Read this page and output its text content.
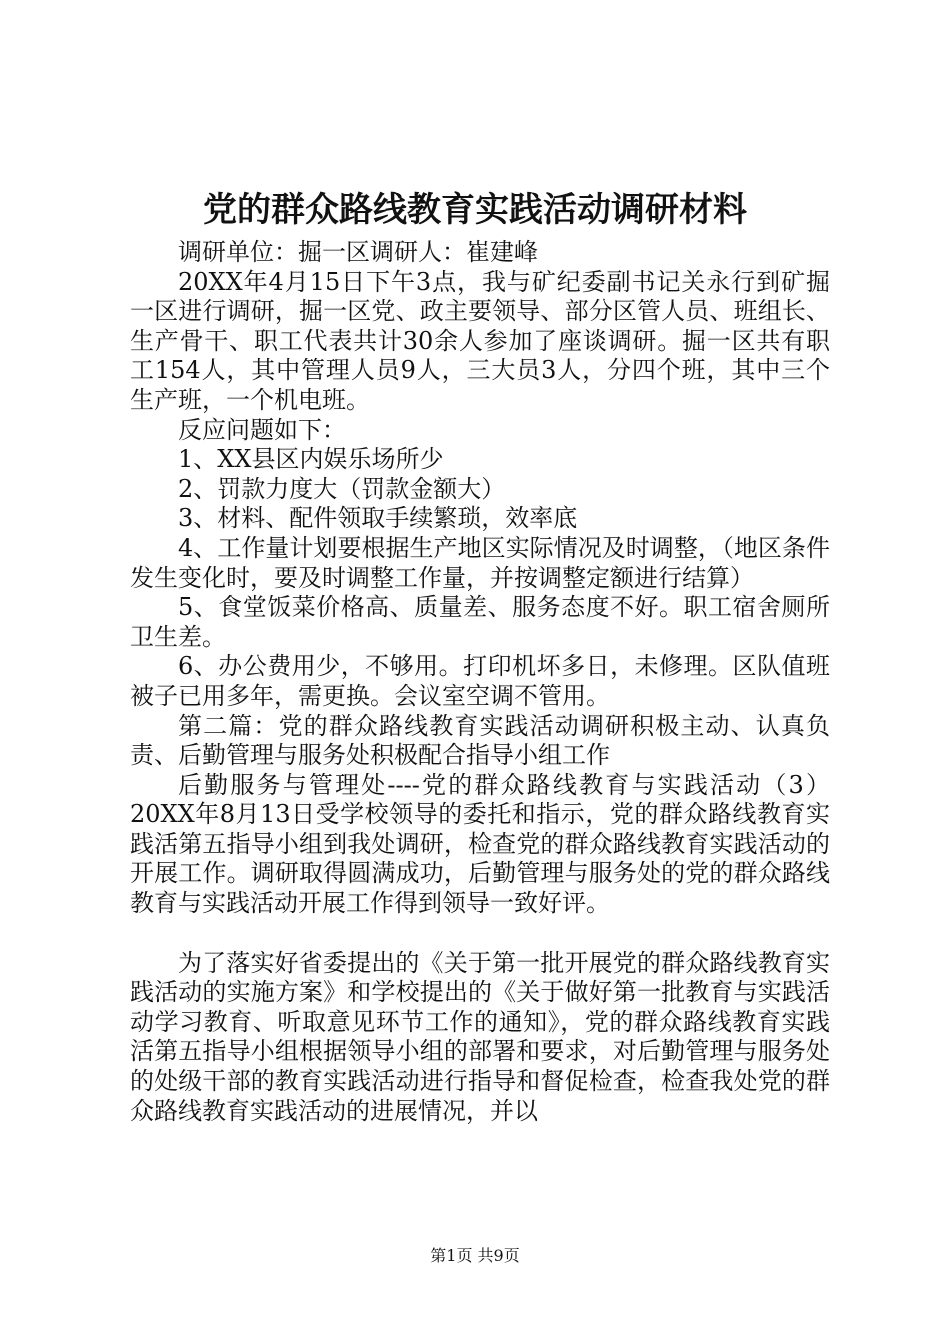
党的群众路线教育实践活动调研材料

调研单位：掘一区调研人：崔建峰

20XX年4月15日下午3点，我与矿纪委副书记关永行到矿掘一区进行调研，掘一区党、政主要领导、部分区管人员、班组长、生产骨干、职工代表共计30余人参加了座谈调研。掘一区共有职工154人，其中管理人员9人，三大员3人，分四个班，其中三个生产班，一个机电班。

反应问题如下：

1、XX县区内娱乐场所少

2、罚款力度大（罚款金额大）

3、材料、配件领取手续繁琐，效率底

4、工作量计划要根据生产地区实际情况及时调整，（地区条件发生变化时，要及时调整工作量，并按调整定额进行结算）

5、食堂饭菜价格高、质量差、服务态度不好。职工宿舍厕所卫生差。

6、办公费用少，不够用。打印机坏多日，未修理。区队值班被子已用多年，需更换。会议室空调不管用。

第二篇：党的群众路线教育实践活动调研积极主动、认真负责、后勤管理与服务处积极配合指导小组工作

后勤服务与管理处----党的群众路线教育与实践活动（3）20XX年8月13日受学校领导的委托和指示，党的群众路线教育实践活第五指导小组到我处调研，检查党的群众路线教育实践活动的开展工作。调研取得圆满成功，后勤管理与服务处的党的群众路线教育与实践活动开展工作得到领导一致好评。

为了落实好省委提出的《关于第一批开展党的群众路线教育实践活动的实施方案》和学校提出的《关于做好第一批教育与实践活动学习教育、听取意见环节工作的通知》，党的群众路线教育实践活第五指导小组根据领导小组的部署和要求，对后勤管理与服务处的处级干部的教育实践活动进行指导和督促检查，检查我处党的群众路线教育实践活动的进展情况，并以

第1页 共9页
